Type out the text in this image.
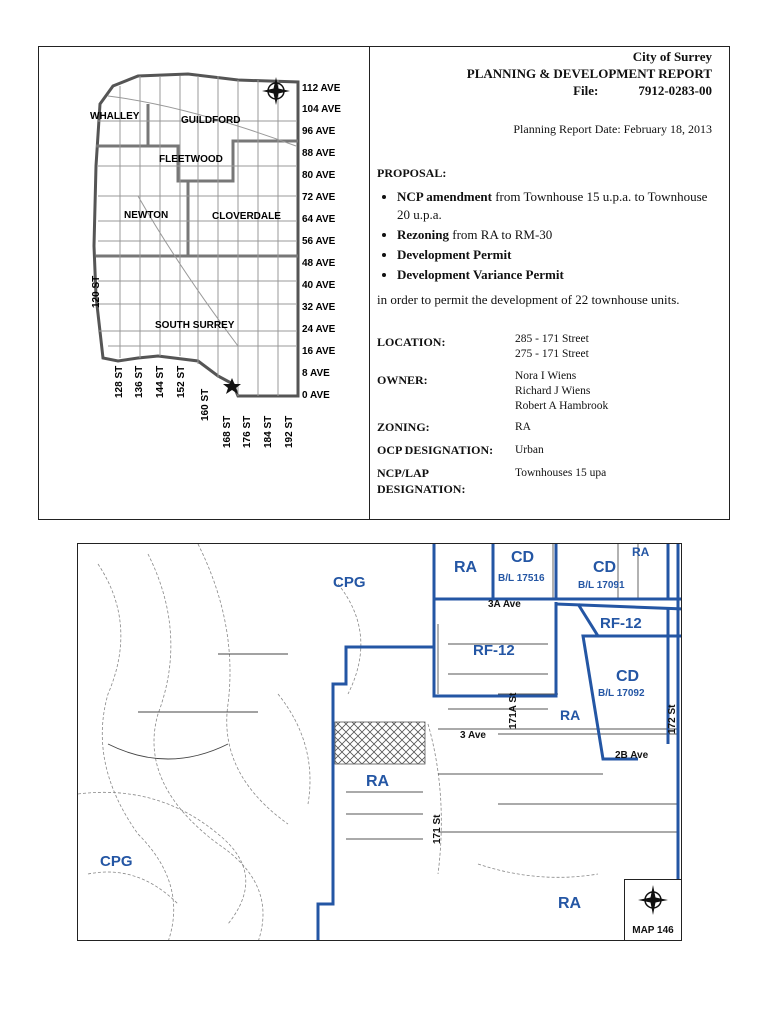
WHALLEY	GUILDFORD
FLEETWOOD
NEWTON	CLOVERDALE
SOUTH SURREY
112 AVE
104 AVE
96 AVE
88 AVE
80 AVE
72 AVE
64 AVE
56 AVE
48 AVE
40 AVE
32 AVE
24 AVE
16 AVE
8 AVE
0 AVE
120 ST
128 ST 136 ST 144 ST 152 ST
160 ST
168 ST 176 ST 184 ST 192 ST
City of Surrey
PLANNING & DEVELOPMENT REPORT
File:	7912-0283-00
Planning Report Date: February 18, 2013
PROPOSAL:
• NCP amendment from Townhouse 15 u.p.a. to Townhouse 20 u.p.a.
• Rezoning from RA to RM-30
• Development Permit
• Development Variance Permit
in order to permit the development of 22 townhouse units.
LOCATION:	285 - 171 Street
275 - 171 Street
OWNER:	Nora I Wiens
Richard J Wiens
Robert A Hambrook
ZONING:	RA
OCP DESIGNATION:	Urban
NCP/LAP
DESIGNATION:
Townhouses 15 upa
CPG
CPG
RA
RA
RA
RA
RA
CD
CD
CD
B/L 17516
B/L 17091
B/L 17092
RF-12
RF-12
3A Ave
3 Ave
2B Ave
171A St
171 St
172 St
MAP 146
